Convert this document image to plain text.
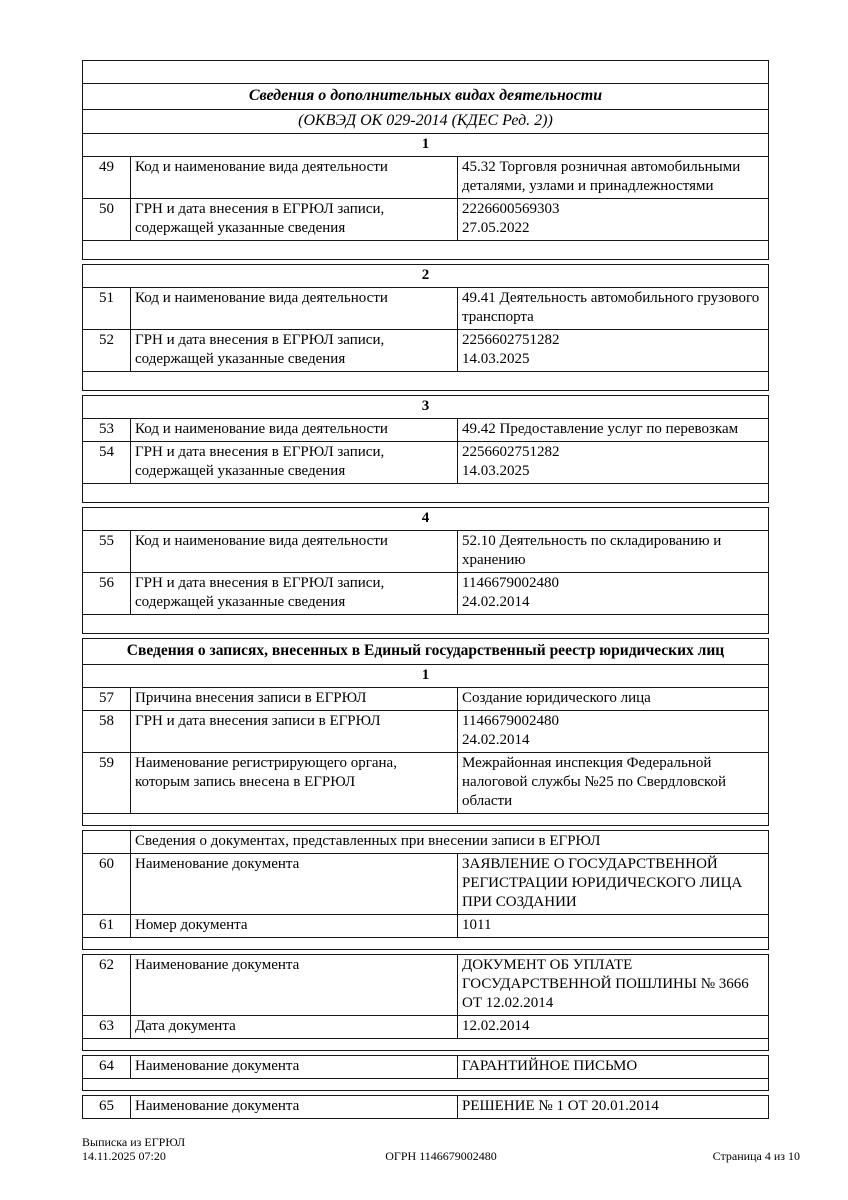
Сведения о дополнительных видах деятельности		
(ОКВЭД ОК 029-2014 (КДЕС Ред. 2))		
1		
49	Код и наименование вида деятельности	45.32 Торговля розничная автомобильными деталями, узлами и принадлежностями

50	ГРН и дата внесения в ЕГРЮЛ записи, содержащей указанные сведения	2226600569303
27.05.2022

2		
51	Код и наименование вида деятельности	49.41 Деятельность автомобильного грузового транспорта

52	ГРН и дата внесения в ЕГРЮЛ записи, содержащей указанные сведения	2256602751282
14.03.2025

3		
53	Код и наименование вида деятельности	49.42 Предоставление услуг по перевозкам

54	ГРН и дата внесения в ЕГРЮЛ записи, содержащей указанные сведения	2256602751282
14.03.2025

4		
55	Код и наименование вида деятельности	52.10 Деятельность по складированию и хранению

56	ГРН и дата внесения в ЕГРЮЛ записи, содержащей указанные сведения	1146679002480
24.02.2014

Сведения о записях, внесенных в Единый государственный реестр юридических лиц		
1		
57	Причина внесения записи в ЕГРЮЛ	Создание юридического лица

58	ГРН и дата внесения записи в ЕГРЮЛ	1146679002480
24.02.2014

59	Наименование регистрирующего органа, которым запись внесена в ЕГРЮЛ	Межрайонная инспекция Федеральной налоговой службы №25 по Свердловской области

	Сведения о документах, представленных при внесении записи в ЕГРЮЛ	
60	Наименование документа	ЗАЯВЛЕНИЕ О ГОСУДАРСТВЕННОЙ РЕГИСТРАЦИИ ЮРИДИЧЕСКОГО ЛИЦА ПРИ СОЗДАНИИ

61	Номер документа	1011

62	Наименование документа	ДОКУМЕНТ ОБ УПЛАТЕ ГОСУДАРСТВЕННОЙ ПОШЛИНЫ № 3666 ОТ 12.02.2014

63	Дата документа	12.02.2014

64	Наименование документа	ГАРАНТИЙНОЕ ПИСЬМО

65	Наименование документа	РЕШЕНИЕ № 1 ОТ 20.01.2014
Выписка из ЕГРЮЛ
14.11.2025 07:20	ОГРН 1146679002480	Страница 4 из 10
